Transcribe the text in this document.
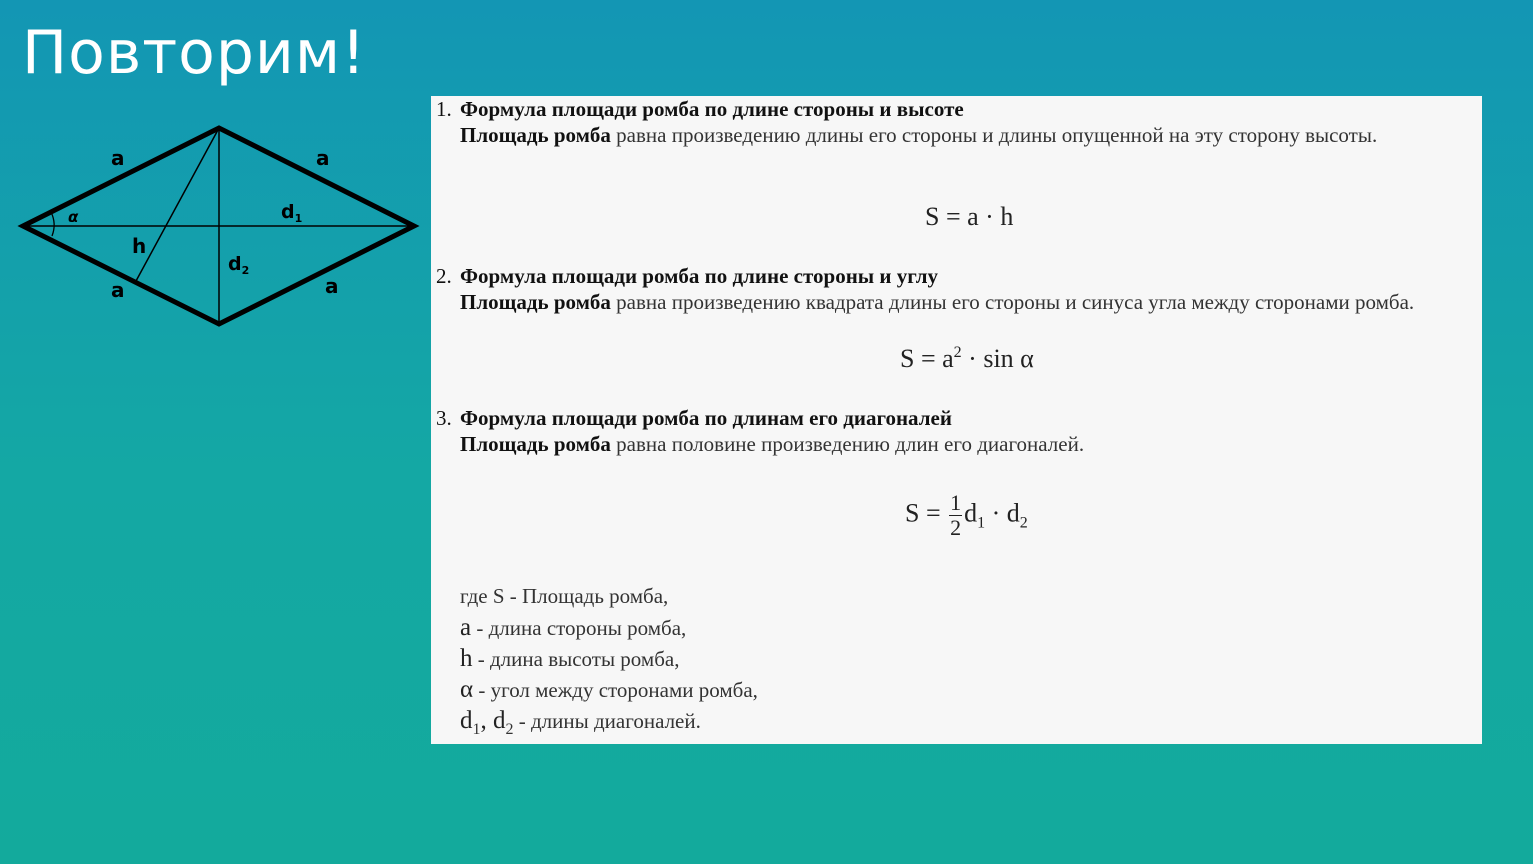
Повторим!
a	a
a	a
α
h
$d_1$
$d_2$
1. Формула площади ромба по длине стороны и высоте
Площадь ромба равна произведению длины его стороны и длины опущенной на эту сторону высоты.
S = a · h
2. Формула площади ромба по длине стороны и углу
Площадь ромба равна произведению квадрата длины его стороны и синуса угла между сторонами ромба.
$S = a^2 \cdot \sin \alpha$
3. Формула площади ромба по длинам его диагоналей
Площадь ромба равна половине произведению длин его диагоналей.
$S = \frac{1}{2} d_1 \cdot d_2$
где S - Площадь ромба,
a - длина стороны ромба,
h - длина высоты ромба,
α - угол между сторонами ромба,
$d_1$, $d_2$ - длины диагоналей.
